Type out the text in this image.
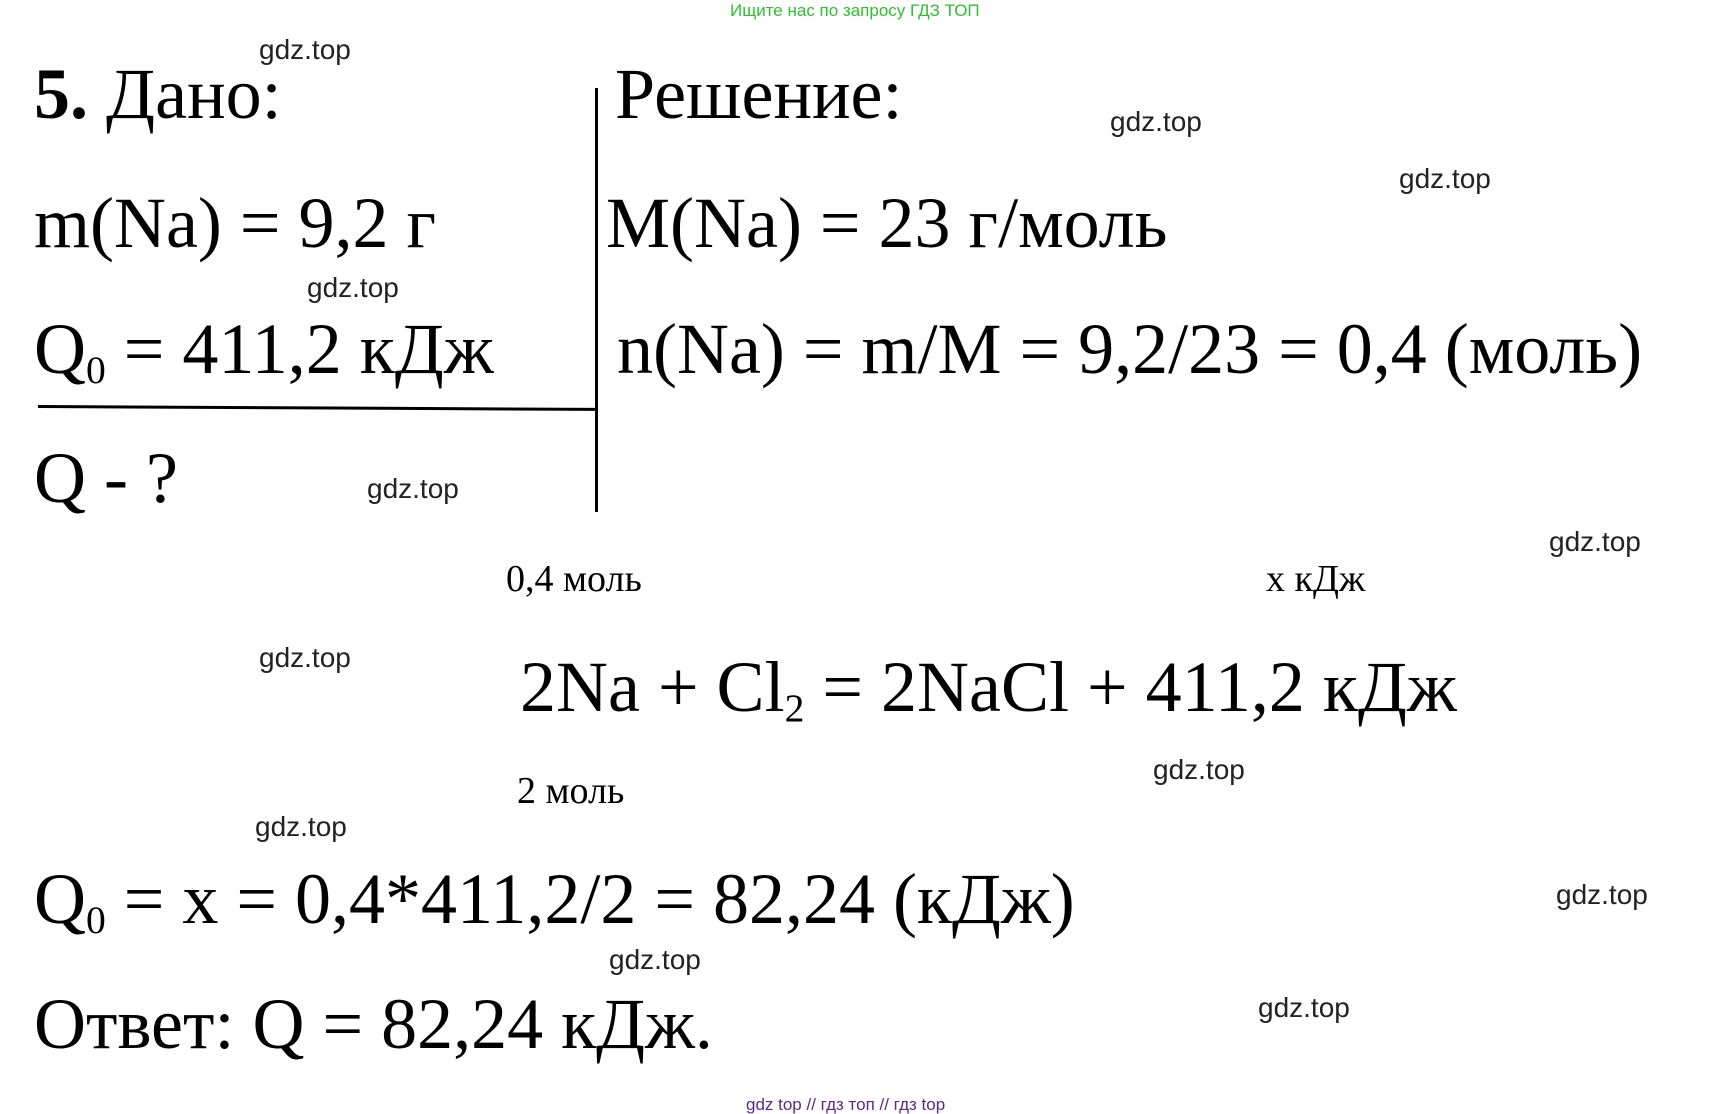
Ищите нас по запросу ГДЗ ТОП
gdz top // гдз топ // гдз top
5. Дано:
m(Na) = 9,2 г
$Q_0 = 411,2$ кДж
Q - ?
Решение:
M(Na) = 23 г/моль
n(Na) = m/M = 9,2/23 = 0,4 (моль)
0,4 моль	x кДж
$2Na + Cl_2$ = 2NaCl + 411,2 кДж
2 моль
$Q_0 = x = 0,4*411,2/2 = 82,24$ (кДж)
Ответ: Q = 82,24 кДж.
gdz.top
gdz.top
gdz.top
gdz.top
gdz.top
gdz.top
gdz.top
gdz.top
gdz.top
gdz.top
gdz.top
gdz.top
